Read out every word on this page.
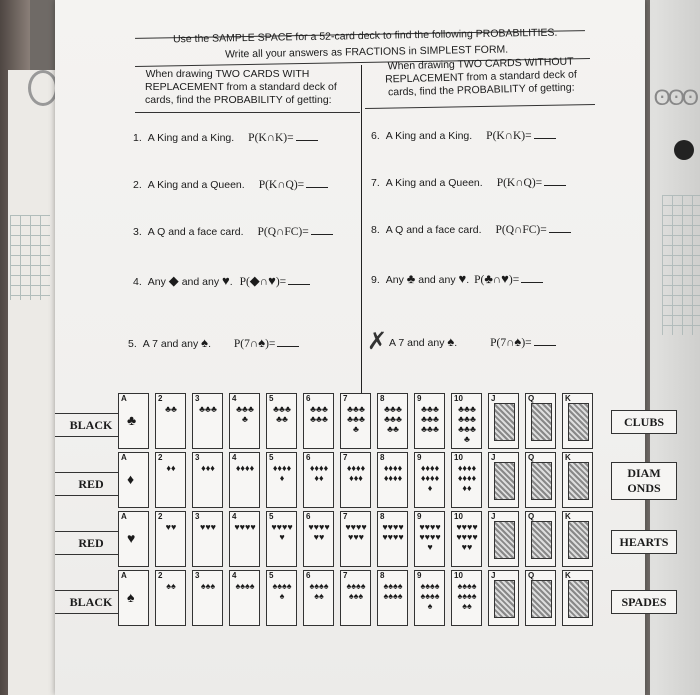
ʘʘʘ
Use the SAMPLE SPACE for a 52-card deck to find the following PROBABILITIES.
Write all your answers as FRACTIONS in SIMPLEST FORM.
When drawing TWO CARDS WITH
REPLACEMENT from a standard deck of
cards, find the PROBABILITY of getting:
When drawing TWO CARDS WITHOUT
REPLACEMENT from a standard deck of
cards, find the PROBABILITY of getting:
1. A King and a King. P(K∩K)=
2. A King and a Queen. P(K∩Q)=
3. A Q and a face card. P(Q∩FC)=
4. Any ◆ and any ♥. P(◆∩♥)=
5. A 7 and any ♠. P(7∩♠)=
6. A King and a King. P(K∩K)=
7. A King and a Queen. P(K∩Q)=
8. A Q and a face card. P(Q∩FC)=
9. Any ♣ and any ♥. P(♣∩♥)=
✗ A 7 and any ♠.	P(7∩♠)=
BLACK
RED
RED
BLACK
CLUBS
DIAM
ONDS
HEARTS
SPADES
A
♣
2
♣♣
3
♣♣♣
4
♣♣♣♣
5
♣♣♣♣♣
6
♣♣♣♣♣♣
7
♣♣♣♣♣♣♣
8
♣♣♣♣♣♣♣♣
9
♣♣♣♣♣♣♣♣♣
10
♣♣♣♣♣♣♣♣♣♣
J	Q	K
A
♦
2
♦♦
3
♦♦♦
4
♦♦♦♦
5
♦♦♦♦♦
6
♦♦♦♦♦♦
7
♦♦♦♦♦♦♦
8
♦♦♦♦♦♦♦♦
9
♦♦♦♦♦♦♦♦♦
10
♦♦♦♦♦♦♦♦♦♦
J	Q	K
A
♥
2
♥♥
3
♥♥♥
4
♥♥♥♥
5
♥♥♥♥♥
6
♥♥♥♥♥♥
7
♥♥♥♥♥♥♥
8
♥♥♥♥♥♥♥♥
9
♥♥♥♥♥♥♥♥♥
10
♥♥♥♥♥♥♥♥♥♥
J	Q	K
A
♠
2
♠♠
3
♠♠♠
4
♠♠♠♠
5
♠♠♠♠♠
6
♠♠♠♠♠♠
7
♠♠♠♠♠♠♠
8
♠♠♠♠♠♠♠♠
9
♠♠♠♠♠♠♠♠♠
10
♠♠♠♠♠♠♠♠♠♠
J	Q	K
